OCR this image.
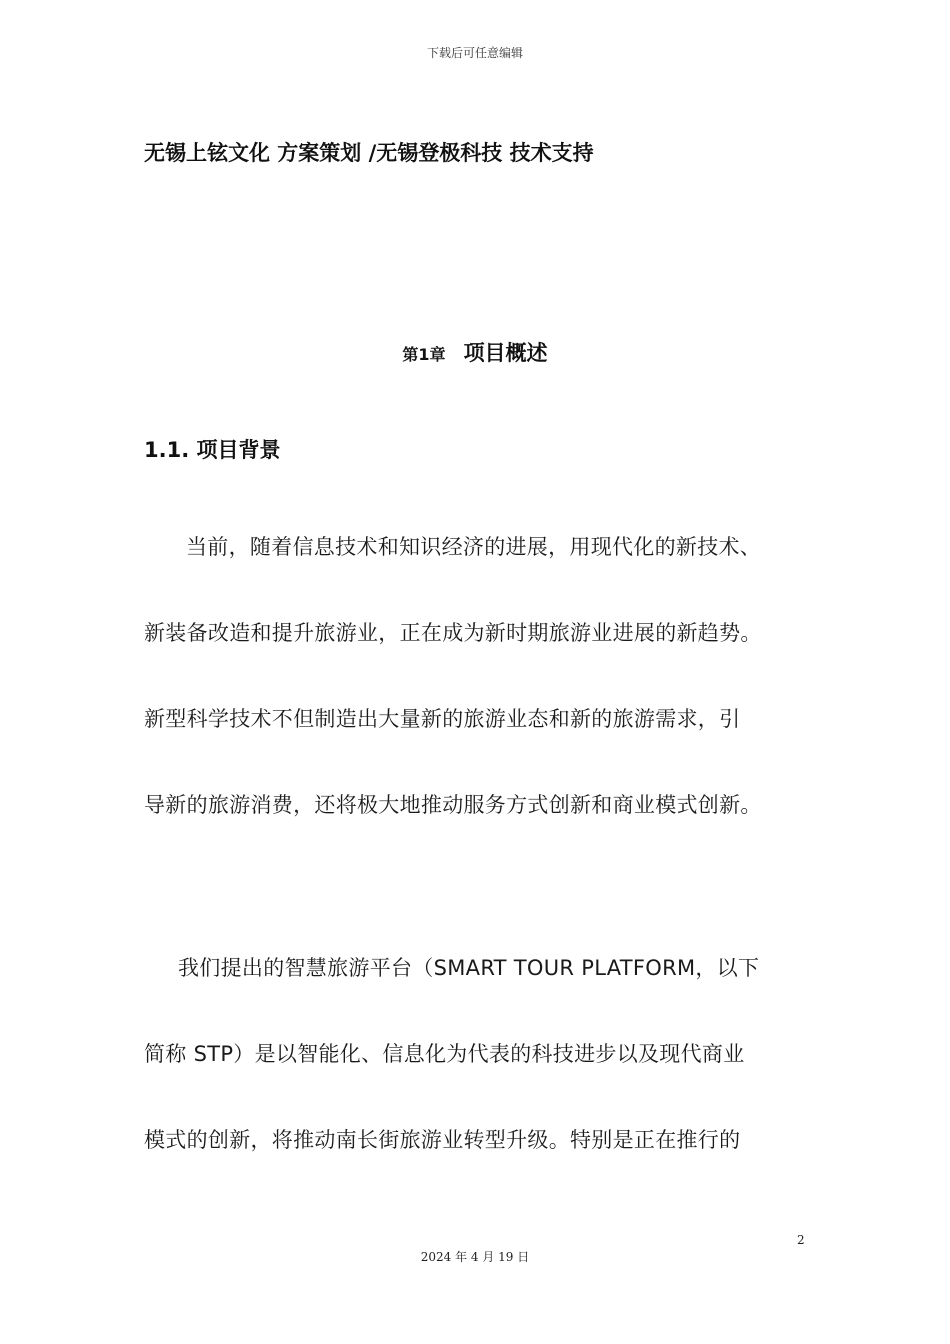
下载后可任意编辑
无锡上铉文化 方案策划 /无锡登极科技 技术支持
第1章 项目概述
1.1. 项目背景
当前，随着信息技术和知识经济的进展，用现代化的新技术、
新装备改造和提升旅游业，正在成为新时期旅游业进展的新趋势。
新型科学技术不但制造出大量新的旅游业态和新的旅游需求，引
导新的旅游消费，还将极大地推动服务方式创新和商业模式创新。
我们提出的智慧旅游平台（SMART TOUR PLATFORM，以下
简称 STP）是以智能化、信息化为代表的科技进步以及现代商业
模式的创新，将推动南长街旅游业转型升级。特别是正在推行的
2
2024 年 4 月 19 日
